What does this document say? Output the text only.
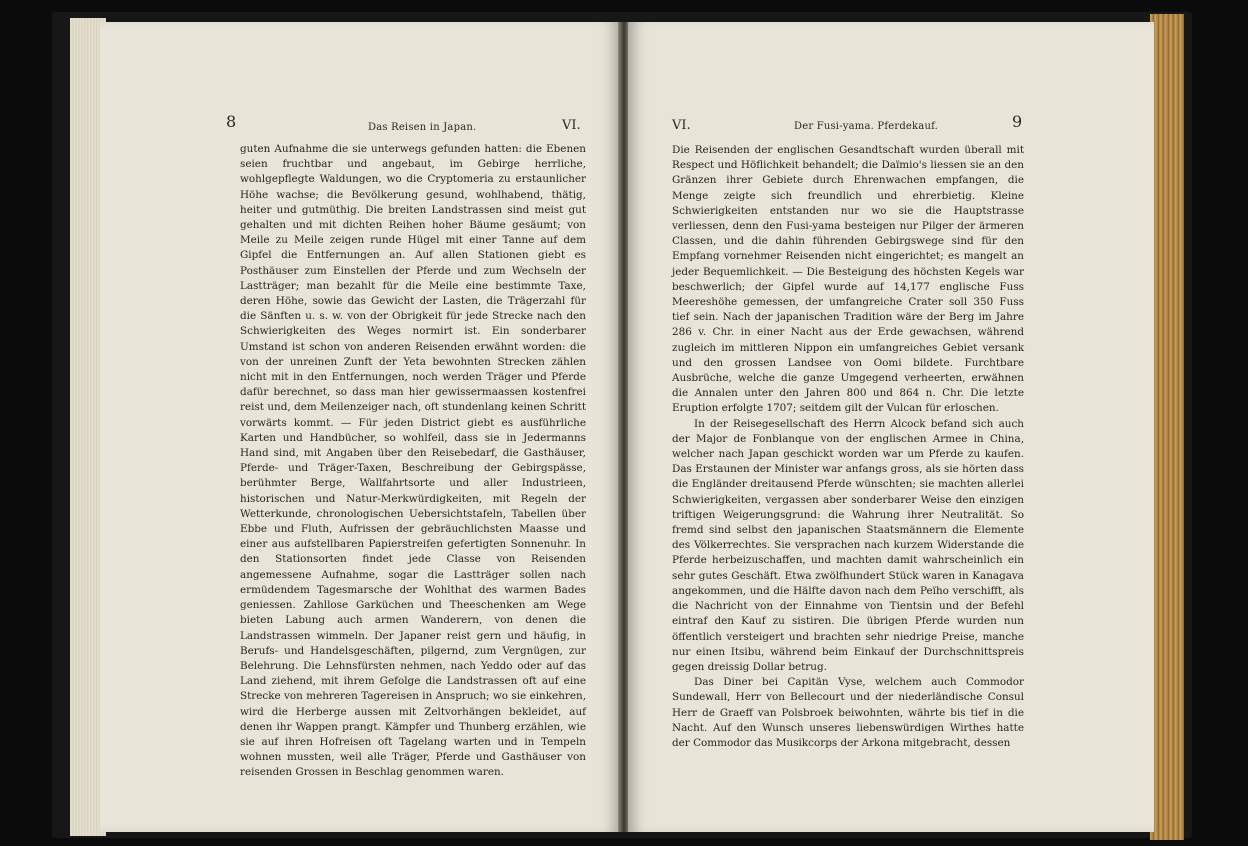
8	Das Reisen in Japan.	VI.

guten Aufnahme die sie unterwegs gefunden hatten: die Ebenen seien fruchtbar und angebaut, im Gebirge herrliche, wohlgepflegte Waldungen, wo die Cryptomeria zu erstaunlicher Höhe wachse; die Bevölkerung gesund, wohlhabend, thätig, heiter und gutmüthig. Die breiten Landstrassen sind meist gut gehalten und mit dichten Reihen hoher Bäume gesäumt; von Meile zu Meile zeigen runde Hügel mit einer Tanne auf dem Gipfel die Entfernungen an. Auf allen Stationen giebt es Posthäuser zum Einstellen der Pferde und zum Wechseln der Lastträger; man bezahlt für die Meile eine bestimmte Taxe, deren Höhe, sowie das Gewicht der Lasten, die Trägerzahl für die Sänften u. s. w. von der Obrigkeit für jede Strecke nach den Schwierigkeiten des Weges normirt ist. Ein sonderbarer Umstand ist schon von anderen Reisenden erwähnt worden: die von der unreinen Zunft der Yeta bewohnten Strecken zählen nicht mit in den Entfernungen, noch werden Träger und Pferde dafür berechnet, so dass man hier gewissermaassen kostenfrei reist und, dem Meilenzeiger nach, oft stundenlang keinen Schritt vorwärts kommt. — Für jeden District giebt es ausführliche Karten und Handbücher, so wohlfeil, dass sie in Jedermanns Hand sind, mit Angaben über den Reisebedarf, die Gasthäuser, Pferde- und Träger-Taxen, Beschreibung der Gebirgspässe, berühmter Berge, Wallfahrtsorte und aller Industrieen, historischen und Natur-Merkwürdigkeiten, mit Regeln der Wetterkunde, chronologischen Uebersichtstafeln, Tabellen über Ebbe und Fluth, Aufrissen der gebräuchlichsten Maasse und einer aus aufstellbaren Papierstreifen gefertigten Sonnenuhr. In den Stationsorten findet jede Classe von Reisenden angemessene Aufnahme, sogar die Lastträger sollen nach ermüdendem Tagesmarsche der Wohlthat des warmen Bades geniessen. Zahllose Garküchen und Theeschenken am Wege bieten Labung auch armen Wanderern, von denen die Landstrassen wimmeln. Der Japaner reist gern und häufig, in Berufs- und Handelsgeschäften, pilgernd, zum Vergnügen, zur Belehrung. Die Lehnsfürsten nehmen, nach Yeddo oder auf das Land ziehend, mit ihrem Gefolge die Landstrassen oft auf eine Strecke von mehreren Tagereisen in Anspruch; wo sie einkehren, wird die Herberge aussen mit Zeltvorhängen bekleidet, auf denen ihr Wappen prangt. Kämpfer und Thunberg erzählen, wie sie auf ihren Hofreisen oft Tagelang warten und in Tempeln wohnen mussten, weil alle Träger, Pferde und Gasthäuser von reisenden Grossen in Beschlag genommen waren.

VI.	Der Fusi-yama. Pferdekauf.	9

Die Reisenden der englischen Gesandtschaft wurden überall mit Respect und Höflichkeit behandelt; die Daïmio's liessen sie an den Gränzen ihrer Gebiete durch Ehrenwachen empfangen, die Menge zeigte sich freundlich und ehrerbietig. Kleine Schwierigkeiten entstanden nur wo sie die Hauptstrasse verliessen, denn den Fusi-yama besteigen nur Pilger der ärmeren Classen, und die dahin führenden Gebirgswege sind für den Empfang vornehmer Reisenden nicht eingerichtet; es mangelt an jeder Bequemlichkeit. — Die Besteigung des höchsten Kegels war beschwerlich; der Gipfel wurde auf 14,177 englische Fuss Meereshöhe gemessen, der umfangreiche Crater soll 350 Fuss tief sein. Nach der japanischen Tradition wäre der Berg im Jahre 286 v. Chr. in einer Nacht aus der Erde gewachsen, während zugleich im mittleren Nippon ein umfangreiches Gebiet versank und den grossen Landsee von Oomi bildete. Furchtbare Ausbrüche, welche die ganze Umgegend verheerten, erwähnen die Annalen unter den Jahren 800 und 864 n. Chr. Die letzte Eruption erfolgte 1707; seitdem gilt der Vulcan für erloschen.

In der Reisegesellschaft des Herrn Alcock befand sich auch der Major de Fonblanque von der englischen Armee in China, welcher nach Japan geschickt worden war um Pferde zu kaufen. Das Erstaunen der Minister war anfangs gross, als sie hörten dass die Engländer dreitausend Pferde wünschten; sie machten allerlei Schwierigkeiten, vergassen aber sonderbarer Weise den einzigen triftigen Weigerungsgrund: die Wahrung ihrer Neutralität. So fremd sind selbst den japanischen Staatsmännern die Elemente des Völkerrechtes. Sie versprachen nach kurzem Widerstande die Pferde herbeizuschaffen, und machten damit wahrscheinlich ein sehr gutes Geschäft. Etwa zwölfhundert Stück waren in Kanagava angekommen, und die Hälfte davon nach dem Peïho verschifft, als die Nachricht von der Einnahme von Tientsin und der Befehl eintraf den Kauf zu sistiren. Die übrigen Pferde wurden nun öffentlich versteigert und brachten sehr niedrige Preise, manche nur einen Itsibu, während beim Einkauf der Durchschnittspreis gegen dreissig Dollar betrug.

Das Diner bei Capitän Vyse, welchem auch Commodor Sundewall, Herr von Bellecourt und der niederländische Consul Herr de Graeff van Polsbroek beiwohnten, währte bis tief in die Nacht. Auf den Wunsch unseres liebenswürdigen Wirthes hatte der Commodor das Musikcorps der Arkona mitgebracht, dessen
